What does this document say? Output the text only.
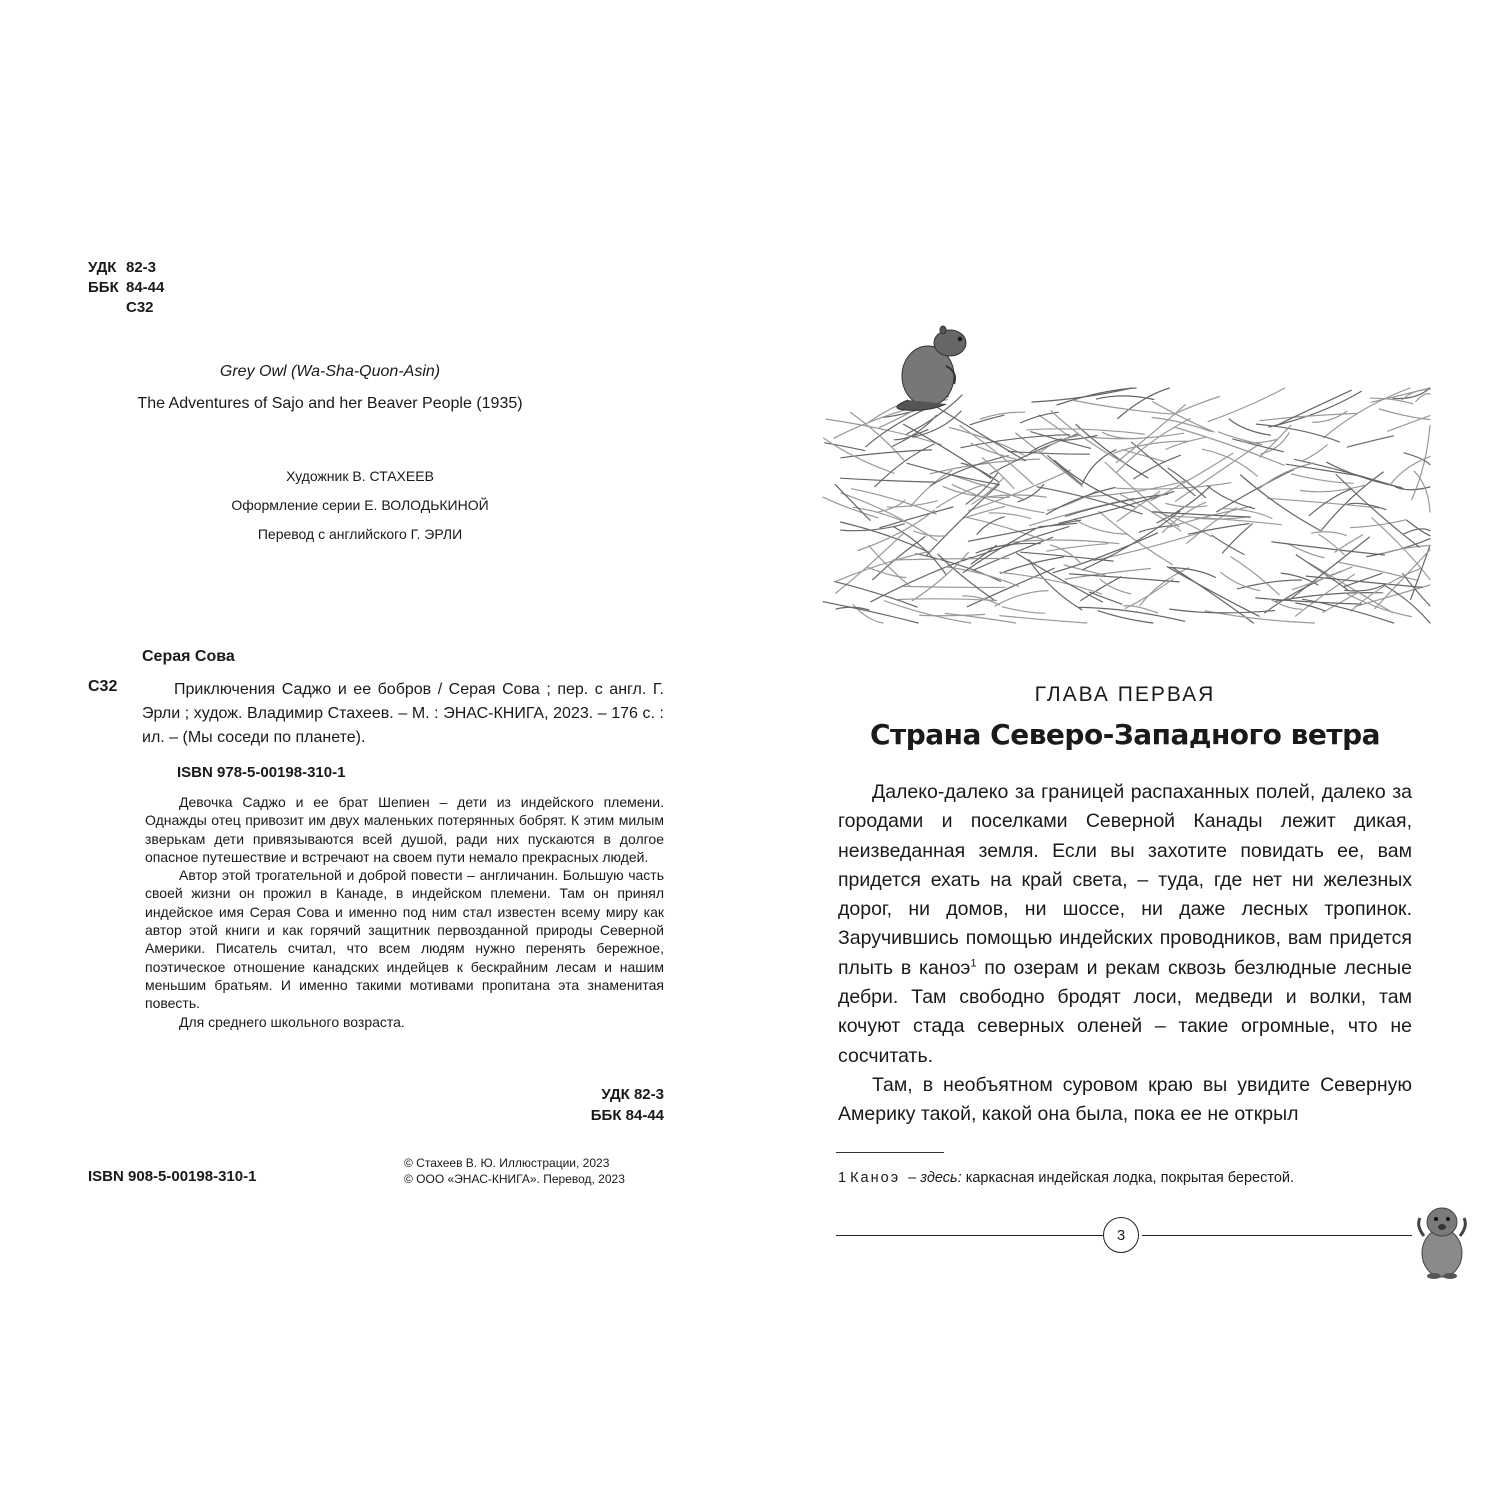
УДК 82-3
ББК 84-44
С32
Grey Owl (Wa-Sha-Quon-Asin)
The Adventures of Sajo and her Beaver People (1935)
Художник В. СТАХЕЕВ
Оформление серии Е. ВОЛОДЬКИНОЙ
Перевод с английского Г. ЭРЛИ
Серая Сова
С32	Приключения Саджо и ее бобров / Серая Сова ; пер. с англ. Г. Эрли ; худож. Владимир Стахеев. – М. : ЭНАС-КНИГА, 2023. – 176 с. : ил. – (Мы соседи по планете).
ISBN 978-5-00198-310-1

Девочка Саджо и ее брат Шепиен – дети из индейского племени. Однажды отец привозит им двух маленьких потерянных бобрят. К этим милым зверькам дети привязываются всей душой, ради них пускаются в долгое опасное путешествие и встречают на своем пути немало прекрасных людей.

Автор этой трогательной и доброй повести – англичанин. Большую часть своей жизни он прожил в Канаде, в индейском племени. Там он принял индейское имя Серая Сова и именно под ним стал известен всему миру как автор этой книги и как горячий защитник первозданной природы Северной Америки. Писатель считал, что всем людям нужно перенять бережное, поэтическое отношение канадских индейцев к бескрайним лесам и нашим меньшим братьям. И именно такими мотивами пропитана эта знаменитая повесть.

Для среднего школьного возраста.

УДК 82-3
ББК 84-44
ISBN 908-5-00198-310-1
© Стахеев В. Ю. Иллюстрации, 2023
© ООО «ЭНАС-КНИГА». Перевод, 2023
ГЛАВА ПЕРВАЯ
Страна Северо-Западного ветра

Далеко-далеко за границей распаханных полей, далеко за городами и поселками Северной Канады лежит дикая, неизведанная земля. Если вы захотите повидать ее, вам придется ехать на край света, – туда, где нет ни железных дорог, ни домов, ни шоссе, ни даже лесных тропинок. Заручившись помощью индейских проводников, вам придется плыть в каноэ$^1$ по озерам и рекам сквозь безлюдные лесные дебри. Там свободно бродят лоси, медведи и волки, там кочуют стада северных оленей – такие огромные, что не сосчитать.

Там, в необъятном суровом краю вы увидите Северную Америку такой, какой она была, пока ее не открыл

1 Каноэ  – здесь: каркасная индейская лодка, покрытая берестой.
3
